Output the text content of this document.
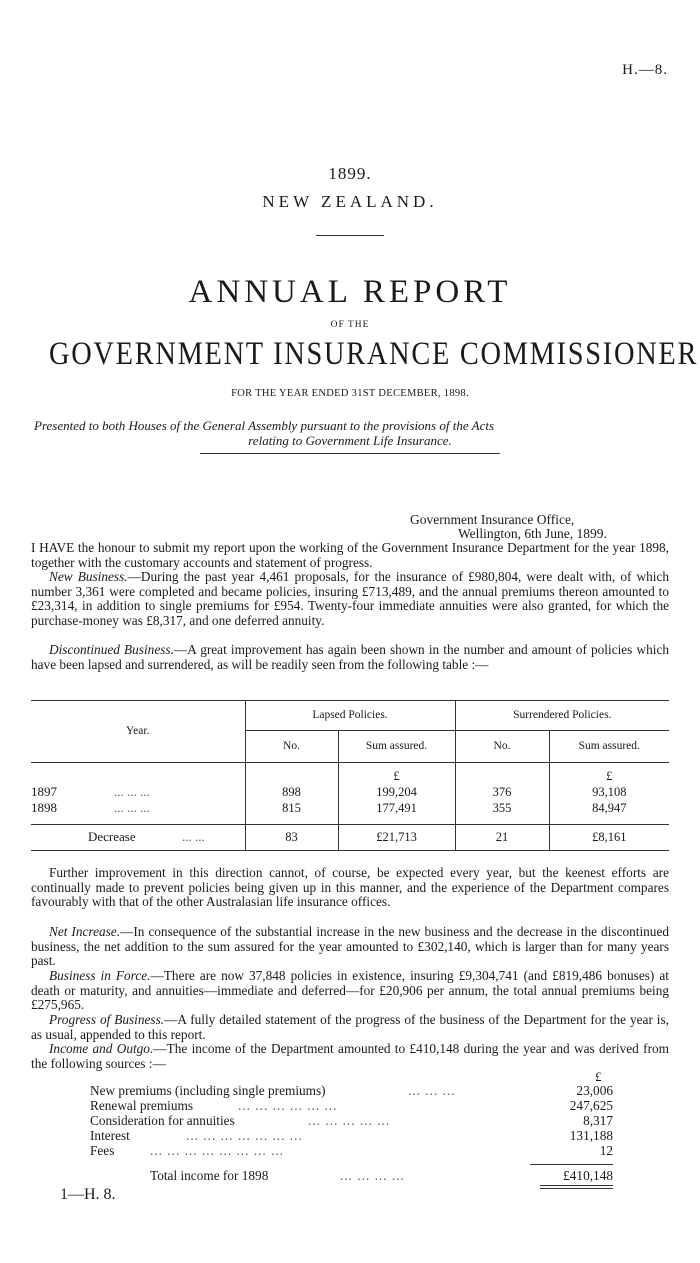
H.—8.
1899.
NEW ZEALAND.
ANNUAL REPORT
OF THE
GOVERNMENT INSURANCE COMMISSIONER
FOR THE YEAR ENDED 31ST DECEMBER, 1898.
Presented to both Houses of the General Assembly pursuant to the provisions of the Acts
relating to Government Life Insurance.
Government Insurance Office,
Wellington, 6th June, 1899.

I HAVE the honour to submit my report upon the working of the Government Insurance Department for the year 1898, together with the customary accounts and statement of progress.

New Business.—During the past year 4,461 proposals, for the insurance of £980,804, were dealt with, of which number 3,361 were completed and became policies, insuring £713,489, and the annual premiums thereon amounted to £23,314, in addition to single premiums for £954. Twenty-four immediate annuities were also granted, for which the purchase-money was £8,317, and one deferred annuity.

Discontinued Business.—A great improvement has again been shown in the number and amount of policies which have been lapsed and surrendered, as will be readily seen from the following table :—

Year.	Lapsed Policies.		Surrendered Policies.	
	No.	Sum assured.	No.	Sum assured.
		£		£
1897 ... ... ...	898	199,204	376	93,108
1898 ... ... ...	815	177,491	355	84,947

Decrease ... ...	83	£21,713	21	£8,161

Further improvement in this direction cannot, of course, be expected every year, but the keenest efforts are continually made to prevent policies being given up in this manner, and the experience of the Department compares favourably with that of the other Australasian life insurance offices.

Net Increase.—In consequence of the substantial increase in the new business and the decrease in the discontinued business, the net addition to the sum assured for the year amounted to £302,140, which is larger than for many years past.

Business in Force.—There are now 37,848 policies in existence, insuring £9,304,741 (and £819,486 bonuses) at death or maturity, and annuities—immediate and deferred—for £20,906 per annum, the total annual premiums being £275,965.

Progress of Business.—A fully detailed statement of the progress of the business of the Department for the year is, as usual, appended to this report.

Income and Outgo.—The income of the Department amounted to £410,148 during the year and was derived from the following sources :—

£
New premiums (including single premiums)	... ... ...	23,006
Renewal premiums	... ... ... ... ... ...	247,625
Consideration for annuities	... ... ... ... ...	8,317
Interest	... ... ... ... ... ... ...	131,188
Fees	... ... ... ... ... ... ... ...	12
Total income for 1898	... ... ... ...	£410,148
1—H. 8.
